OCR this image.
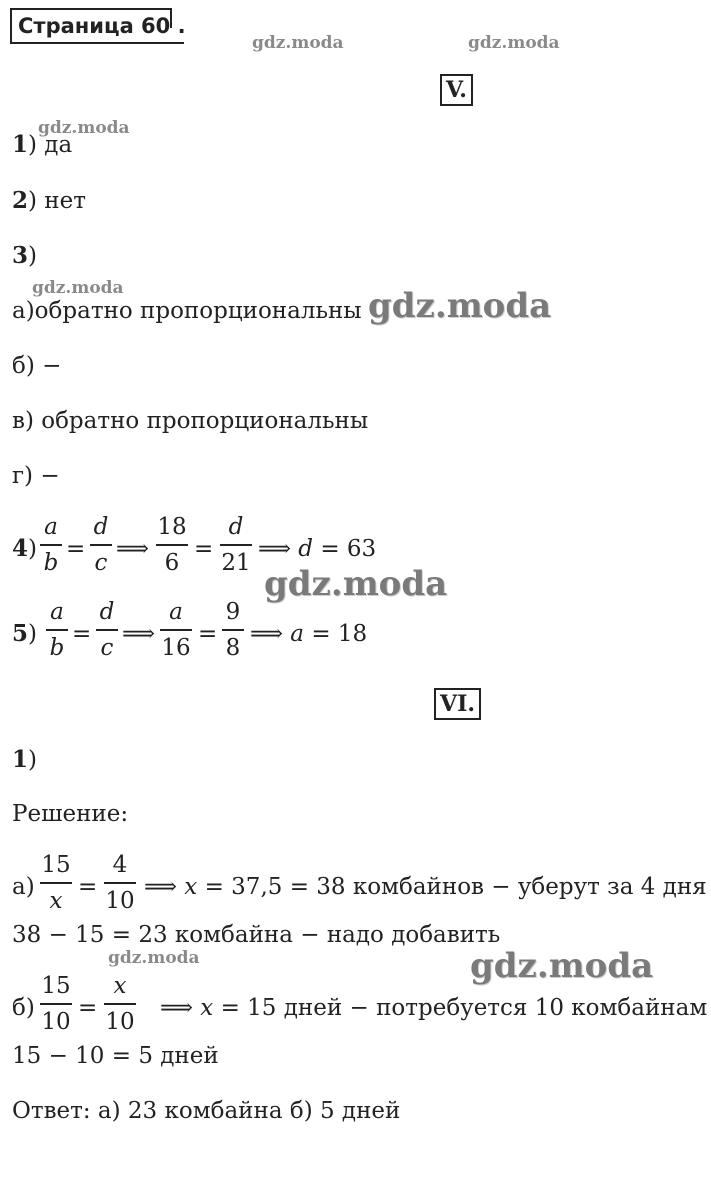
Страница 60 .
gdz.moda	gdz.moda
gdz.moda
gdz.moda	gdz.moda
gdz.moda
gdz.moda	gdz.moda
V.
1) да
2) нет
3)
а)обратно пропорциональны
б) −
в) обратно пропорциональны
г) −
4)
a
b
=
d
c
⟹
18
6
=
d
21
⟹ d = 63
5)
a
b
=
d
c
⟹
a
16
=
9
8
⟹ a = 18
VI.
1)
Решение:
а)
15
x
=
4
10
⟹ x = 37,5 = 38 комбайнов − уберут за 4 дня
38 − 15 = 23 комбайна − надо добавить
б)
15
10
=
x
10
⟹ x = 15 дней − потребуется 10 комбайнам
15 − 10 = 5 дней
Ответ: а) 23 комбайна б) 5 дней
